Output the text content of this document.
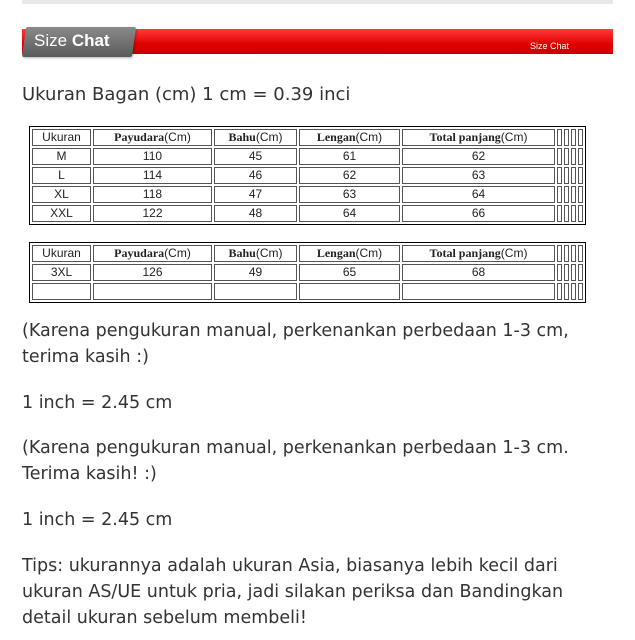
Size Chat	Size Chat
Ukuran Bagan (cm) 1 cm = 0.39 inci
Ukuran	Payudara(Cm)	Bahu(Cm)	Lengan(Cm)	Total panjang(Cm)				
M	110	45	61	62				
L	114	46	62	63				
XL	118	47	63	64				
XXL	122	48	64	66				
Ukuran	Payudara(Cm)	Bahu(Cm)	Lengan(Cm)	Total panjang(Cm)				
3XL	126	49	65	68				

(Karena pengukuran manual, perkenankan perbedaan 1-3 cm,
terima kasih :)
1 inch = 2.45 cm
(Karena pengukuran manual, perkenankan perbedaan 1-3 cm.
Terima kasih! :)
1 inch = 2.45 cm
Tips: ukurannya adalah ukuran Asia, biasanya lebih kecil dari
ukuran AS/UE untuk pria, jadi silakan periksa dan Bandingkan
detail ukuran sebelum membeli!
